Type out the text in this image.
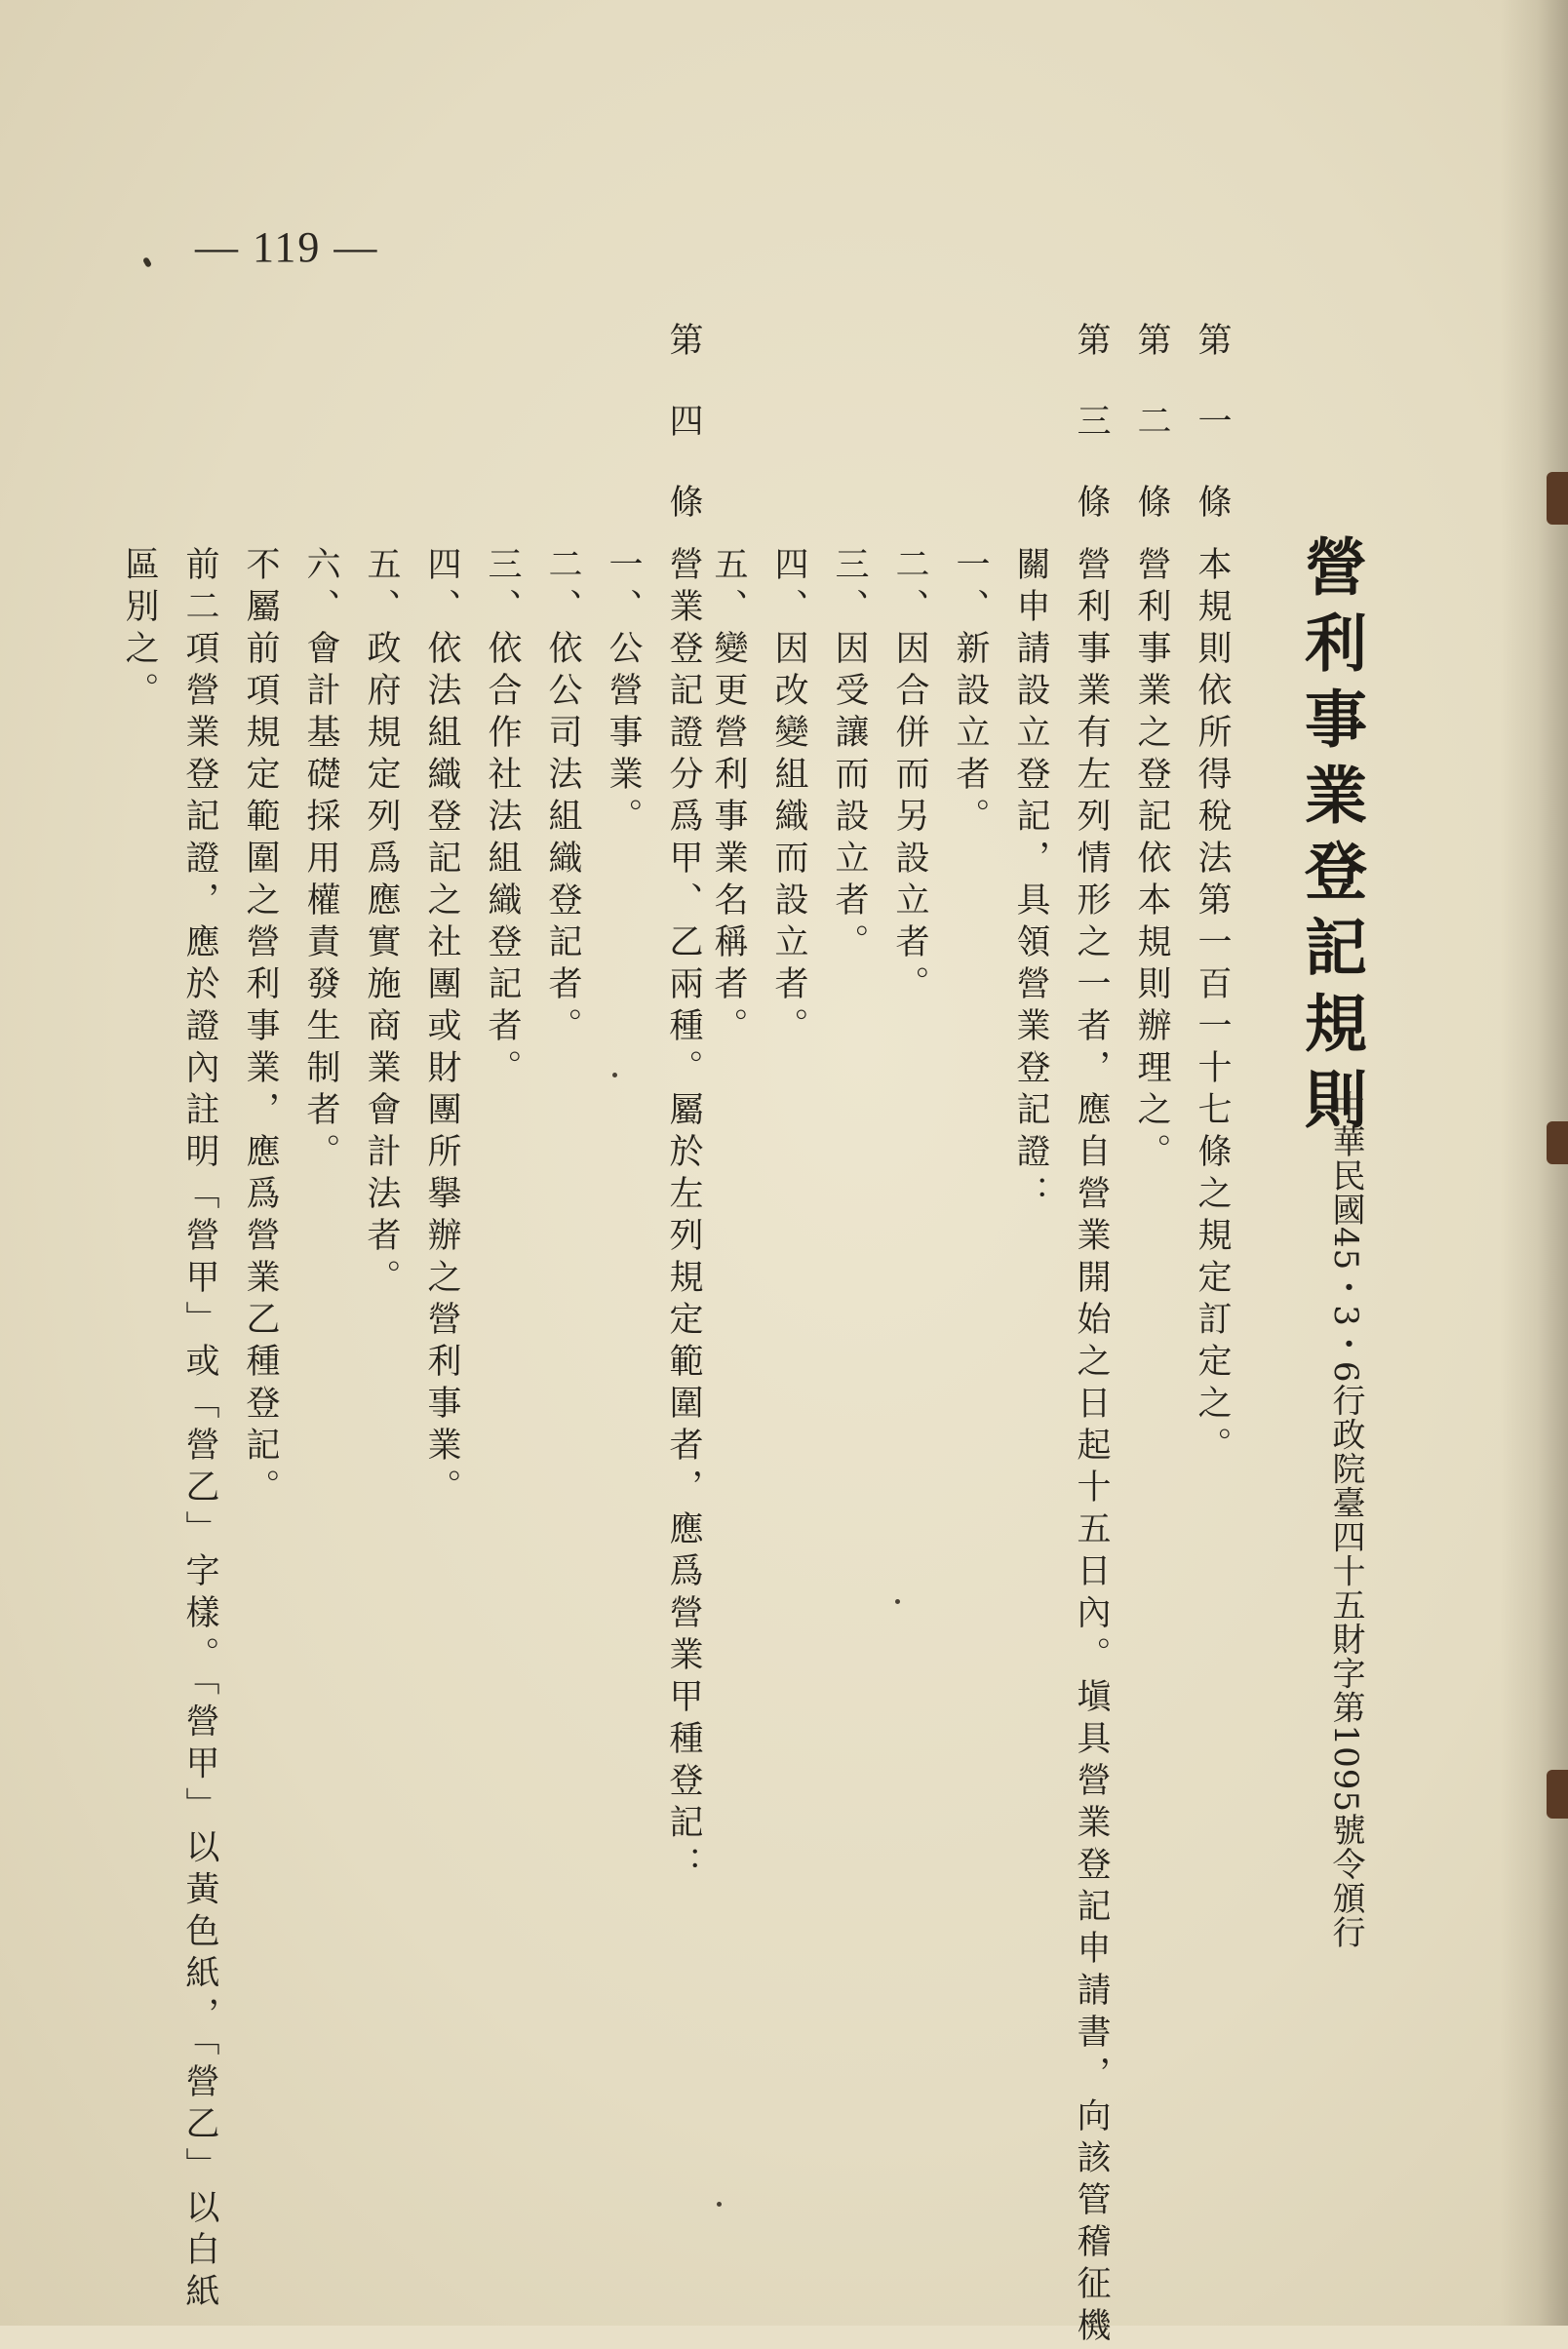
— 119 —
營利事業登記規則
中華民國45・3・6行政院臺四十五財字第1095號令頒行
第一條
本規則依所得稅法第一百一十七條之規定訂定之。
第二條
營利事業之登記依本規則辦理之。
第三條
營利事業有左列情形之一者，應自營業開始之日起十五日內。塡具營業登記申請書，向該管稽征機
關申請設立登記，具領營業登記證：
一、新設立者。
二、因合併而另設立者。
三、因受讓而設立者。
四、因改變組織而設立者。
五、變更營利事業名稱者。
第四條
營業登記證分爲甲、乙兩種。屬於左列規定範圍者，應爲營業甲種登記：
一、公營事業。
二、依公司法組織登記者。
三、依合作社法組織登記者。
四、依法組織登記之社團或財團所擧辦之營利事業。
五、政府規定列爲應實施商業會計法者。
六、會計基礎採用權責發生制者。
不屬前項規定範圍之營利事業，應爲營業乙種登記。
前二項營業登記證，應於證內註明「營甲」或「營乙」字樣。「營甲」以黃色紙，「營乙」以白紙
區別之。
